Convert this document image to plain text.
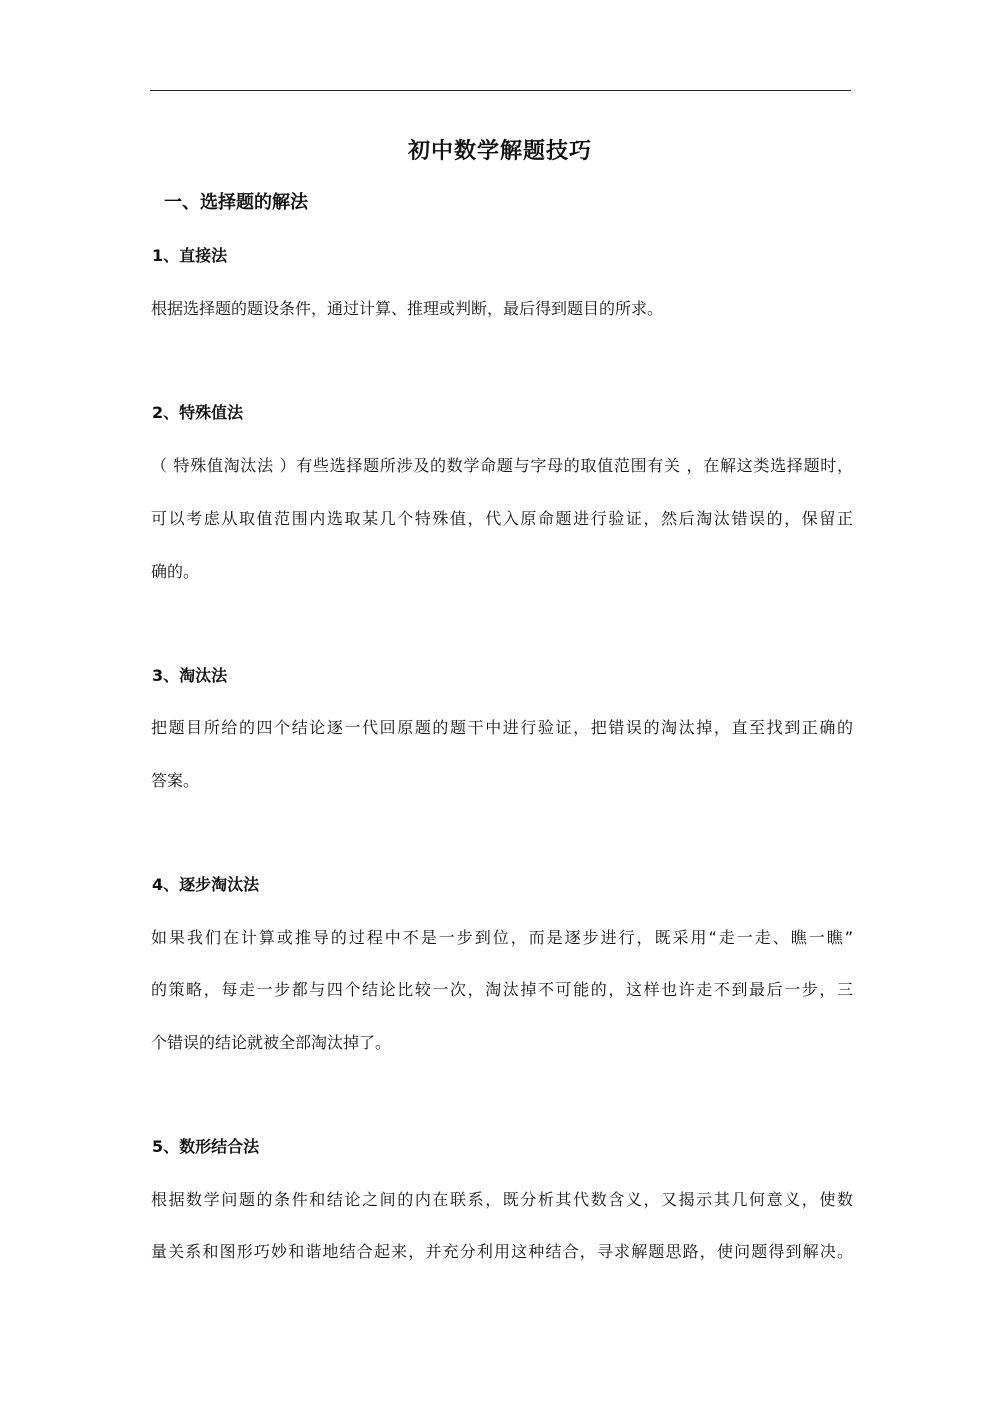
初中数学解题技巧
一、选择题的解法
1、直接法
根据选择题的题设条件，通过计算、推理或判断，最后得到题目的所求。
2、特殊值法
（ 特殊值淘汰法 ）有些选择题所涉及的数学命题与字母的取值范围有关 ，在解这类选择题时，
可以考虑从取值范围内选取某几个特殊值，代入原命题进行验证，然后淘汰错误的，保留正
确的。
3、淘汰法
把题目所给的四个结论逐一代回原题的题干中进行验证，把错误的淘汰掉，直至找到正确的
答案。
4、逐步淘汰法
如果我们在计算或推导的过程中不是一步到位，而是逐步进行，既采用“走一走、瞧一瞧”
的策略，每走一步都与四个结论比较一次，淘汰掉不可能的，这样也许走不到最后一步，三
个错误的结论就被全部淘汰掉了。
5、数形结合法
根据数学问题的条件和结论之间的内在联系，既分析其代数含义，又揭示其几何意义，使数
量关系和图形巧妙和谐地结合起来，并充分利用这种结合，寻求解题思路，使问题得到解决。
